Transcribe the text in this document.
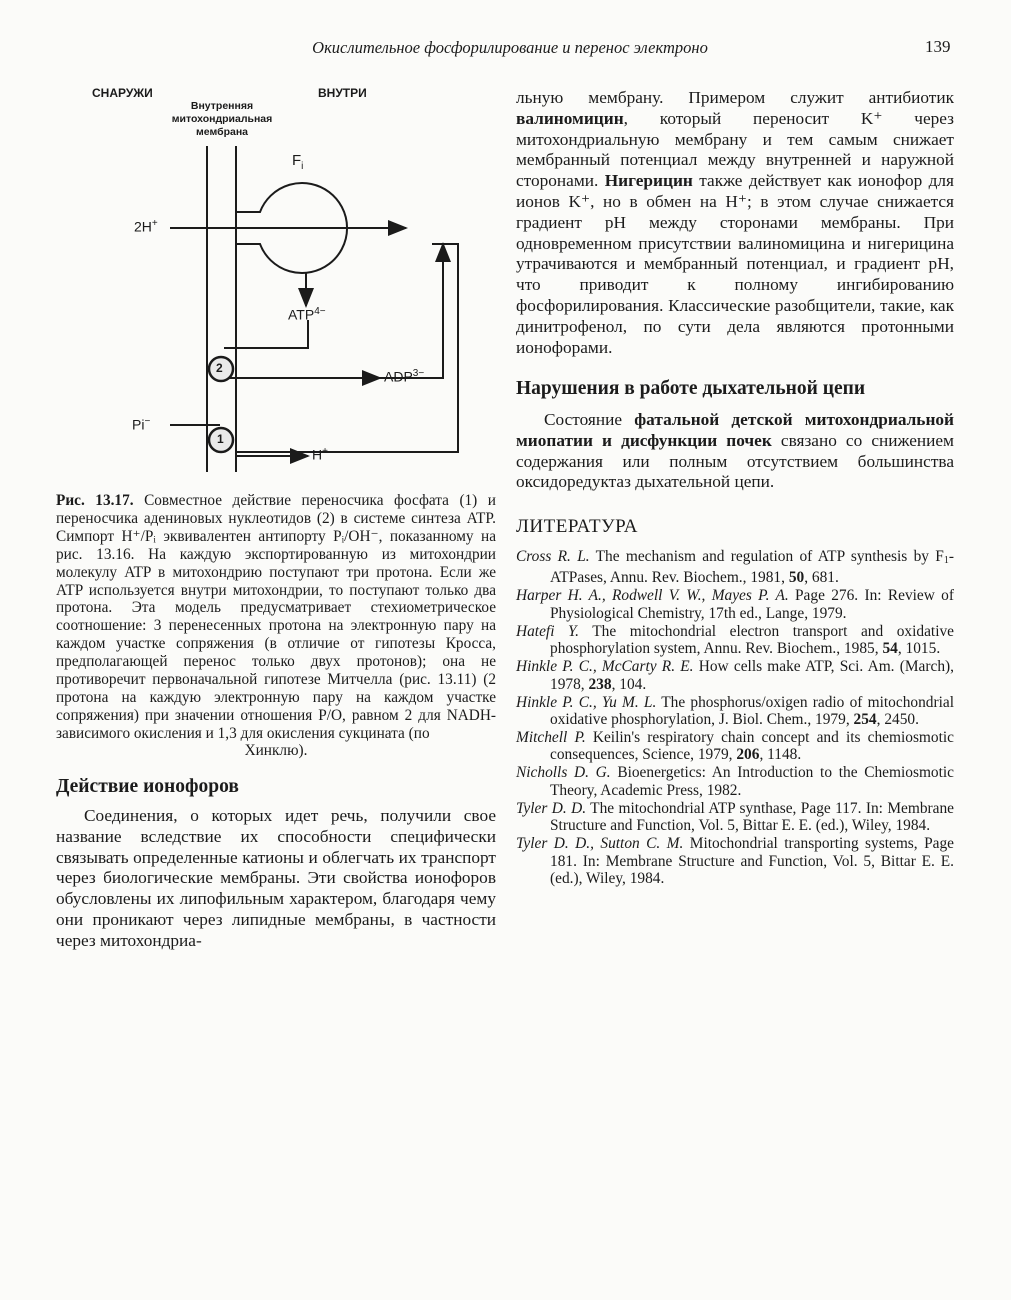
Окислительное фосфорилирование и перенос электроно	139
СНАРУЖИ
Внутренняя
митохондриальная
мембрана
ВНУТРИ
$F_i$
2H+
$ATP^{4-}$
2
$ADP^{3-}$
Pi−
1
H+
Рис. 13.17. Совместное действие переносчика фосфата (1) и переносчика адениновых нуклеотидов (2) в системе синтеза ATP. Симпорт H⁺/Pᵢ эквивалентен антипорту Pᵢ/OH⁻, показанному на рис. 13.16. На каждую экспортированную из митохондрии молекулу ATP в митохондрию поступают три протона. Если же ATP используется внутри митохондрии, то поступают только два протона. Эта модель предусматривает стехиометрическое соотношение: 3 перенесенных протона на электронную пару на каждом участке сопряжения (в отличие от гипотезы Кросса, предполагающей перенос только двух протонов); она не противоречит первоначальной гипотезе Митчелла (рис. 13.11) (2 протона на каждую электронную пару на каждом участке сопряжения) при значении отношения P/O, равном 2 для NADH-зависимого окисления и 1,3 для окисления сукцината (по
Хинклю).
Действие ионофоров
Соединения, о которых идет речь, получили свое название вследствие их способности специфически связывать определенные катионы и облегчать их транспорт через биологические мембраны. Эти свойства ионофоров обусловлены их липофильным характером, благодаря чему они проникают через липидные мембраны, в частности через митохондриа-
льную мембрану. Примером служит антибиотик валиномицин, который переносит K⁺ через митохондриальную мембрану и тем самым снижает мембранный потенциал между внутренней и наружной сторонами. Нигерицин также действует как ионофор для ионов K⁺, но в обмен на H⁺; в этом случае снижается градиент pH между сторонами мембраны. При одновременном присутствии валиномицина и нигерицина утрачиваются и мембранный потенциал, и градиент pH, что приводит к полному ингибированию фосфорилирования. Классические разобщители, такие, как динитрофенол, по сути дела являются протонными ионофорами.
Нарушения в работе дыхательной цепи
Состояние фатальной детской митохондриальной миопатии и дисфункции почек связано со снижением содержания или полным отсутствием большинства оксидоредуктаз дыхательной цепи.
ЛИТЕРАТУРА
Cross R. L. The mechanism and regulation of ATP synthesis by $F_1$-ATPases, Annu. Rev. Biochem., 1981, 50, 681.
Harper H. A., Rodwell V. W., Mayes P. A. Page 276. In: Review of Physiological Chemistry, 17th ed., Lange, 1979.
Hatefi Y. The mitochondrial electron transport and oxidative phosphorylation system, Annu. Rev. Biochem., 1985, 54, 1015.
Hinkle P. C., McCarty R. E. How cells make ATP, Sci. Am. (March), 1978, 238, 104.
Hinkle P. C., Yu M. L. The phosphorus/oxigen radio of mitochondrial oxidative phosphorylation, J. Biol. Chem., 1979, 254, 2450.
Mitchell P. Keilin's respiratory chain concept and its chemiosmotic consequences, Science, 1979, 206, 1148.
Nicholls D. G. Bioenergetics: An Introduction to the Chemiosmotic Theory, Academic Press, 1982.
Tyler D. D. The mitochondrial ATP synthase, Page 117. In: Membrane Structure and Function, Vol. 5, Bittar E. E. (ed.), Wiley, 1984.
Tyler D. D., Sutton C. M. Mitochondrial transporting systems, Page 181. In: Membrane Structure and Function, Vol. 5, Bittar E. E. (ed.), Wiley, 1984.
